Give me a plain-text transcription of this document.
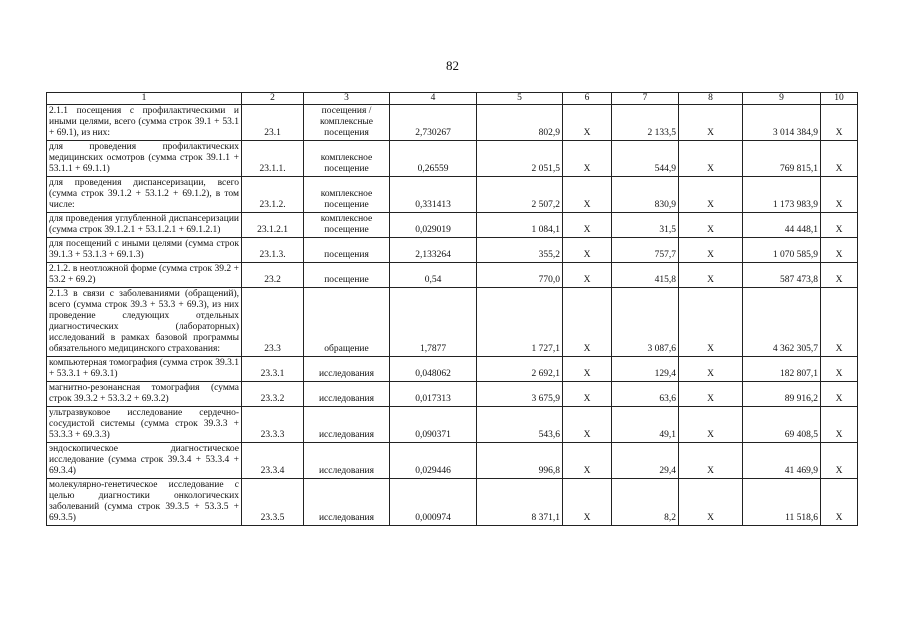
82
1	2	3	4	5	6	7	8	9	10
2.1.1 посещения с профилактическими и иными целями, всего (сумма строк 39.1 + 53.1 + 69.1), из них:	23.1	посещения / комплексные посещения	2,730267	802,9	Х	2 133,5	Х	3 014 384,9	Х
для проведения профилактических медицинских осмотров (сумма строк 39.1.1 + 53.1.1 + 69.1.1)	23.1.1.	комплексное посещение	0,26559	2 051,5	Х	544,9	Х	769 815,1	Х
для проведения диспансеризации, всего (сумма строк 39.1.2 + 53.1.2 + 69.1.2), в том числе:	23.1.2.	комплексное посещение	0,331413	2 507,2	Х	830,9	Х	1 173 983,9	Х
для проведения углубленной диспансеризации (сумма строк 39.1.2.1 + 53.1.2.1 + 69.1.2.1)	23.1.2.1	комплексное посещение	0,029019	1 084,1	Х	31,5	Х	44 448,1	Х
для посещений с иными целями (сумма строк 39.1.3 + 53.1.3 + 69.1.3)	23.1.3.	посещения	2,133264	355,2	Х	757,7	Х	1 070 585,9	Х
2.1.2. в неотложной форме (сумма строк 39.2 + 53.2 + 69.2)	23.2	посещение	0,54	770,0	Х	415,8	Х	587 473,8	Х
2.1.3 в связи с заболеваниями (обращений), всего (сумма строк 39.3 + 53.3 + 69.3), из них проведение следующих отдельных диагностических (лабораторных) исследований в рамках базовой программы обязательного медицинского страхования:	23.3	обращение	1,7877	1 727,1	Х	3 087,6	Х	4 362 305,7	Х
компьютерная томография (сумма строк 39.3.1 + 53.3.1 + 69.3.1)	23.3.1	исследования	0,048062	2 692,1	Х	129,4	Х	182 807,1	Х
магнитно-резонансная томография (сумма строк 39.3.2 + 53.3.2 + 69.3.2)	23.3.2	исследования	0,017313	3 675,9	Х	63,6	Х	89 916,2	Х
ультразвуковое исследование сердечно-сосудистой системы (сумма строк 39.3.3 + 53.3.3 + 69.3.3)	23.3.3	исследования	0,090371	543,6	Х	49,1	Х	69 408,5	Х
эндоскопическое диагностическое исследование (сумма строк 39.3.4 + 53.3.4 + 69.3.4)	23.3.4	исследования	0,029446	996,8	Х	29,4	Х	41 469,9	Х
молекулярно-генетическое исследование с целью диагностики онкологических заболеваний (сумма строк 39.3.5 + 53.3.5 + 69.3.5)	23.3.5	исследования	0,000974	8 371,1	Х	8,2	Х	11 518,6	Х
